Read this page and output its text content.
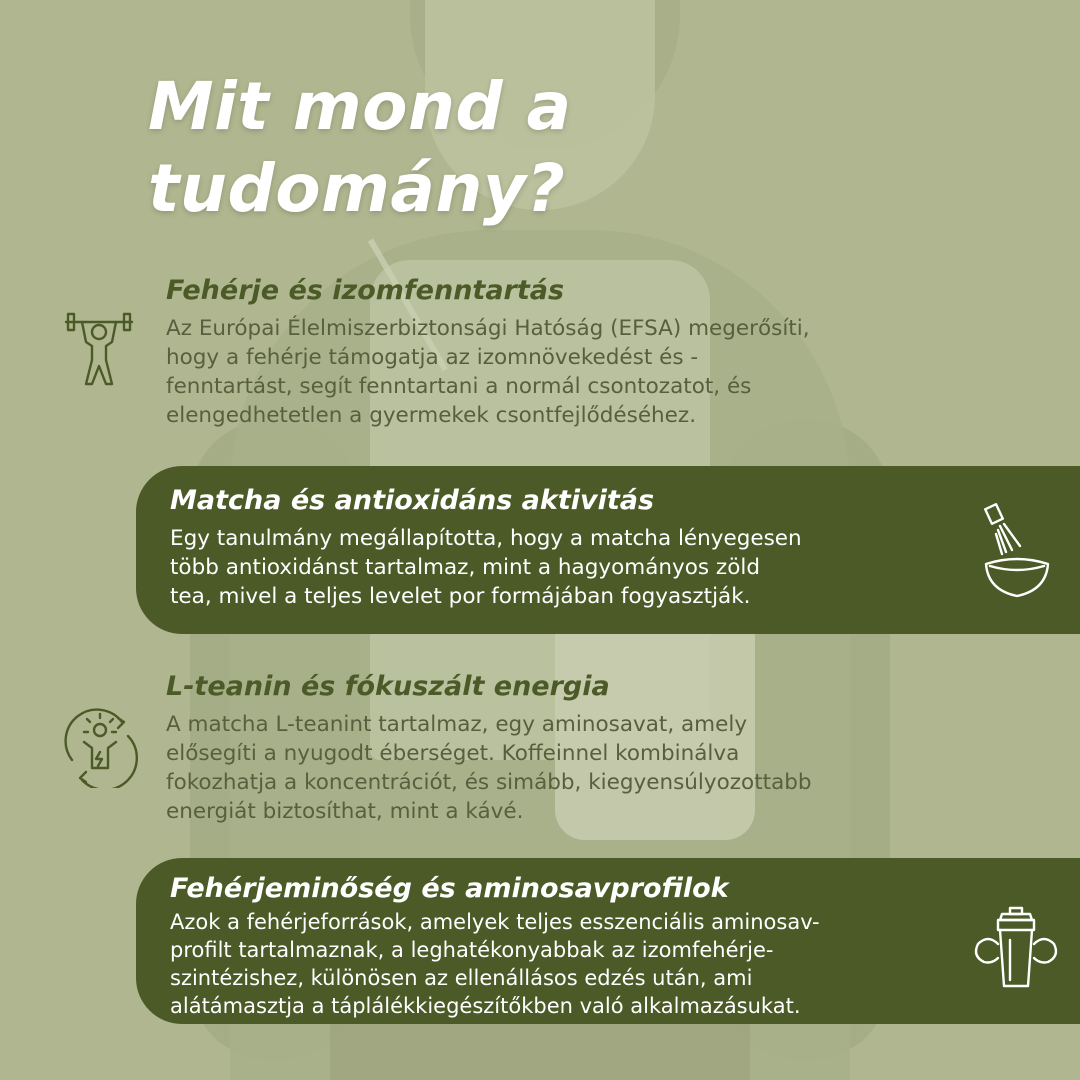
Mit mond a
tudomány?
Fehérje és izomfenntartás

Az Európai Élelmiszerbiztonsági Hatóság (EFSA) megerősíti,
hogy a fehérje támogatja az izomnövekedést és -
fenntartást, segít fenntartani a normál csontozatot, és
elengedhetetlen a gyermekek csontfejlődéséhez.

Matcha és antioxidáns aktivitás

Egy tanulmány megállapította, hogy a matcha lényegesen
több antioxidánst tartalmaz, mint a hagyományos zöld
tea, mivel a teljes levelet por formájában fogyasztják.

L-teanin és fókuszált energia

A matcha L-teanint tartalmaz, egy aminosavat, amely
elősegíti a nyugodt éberséget. Koffeinnel kombinálva
fokozhatja a koncentrációt, és simább, kiegyensúlyozottabb
energiát biztosíthat, mint a kávé.

Fehérjeminőség és aminosavprofilok

Azok a fehérjeforrások, amelyek teljes esszenciális aminosav-
profilt tartalmaznak, a leghatékonyabbak az izomfehérje-
szintézishez, különösen az ellenállásos edzés után, ami
alátámasztja a táplálékkiegészítőkben való alkalmazásukat.
